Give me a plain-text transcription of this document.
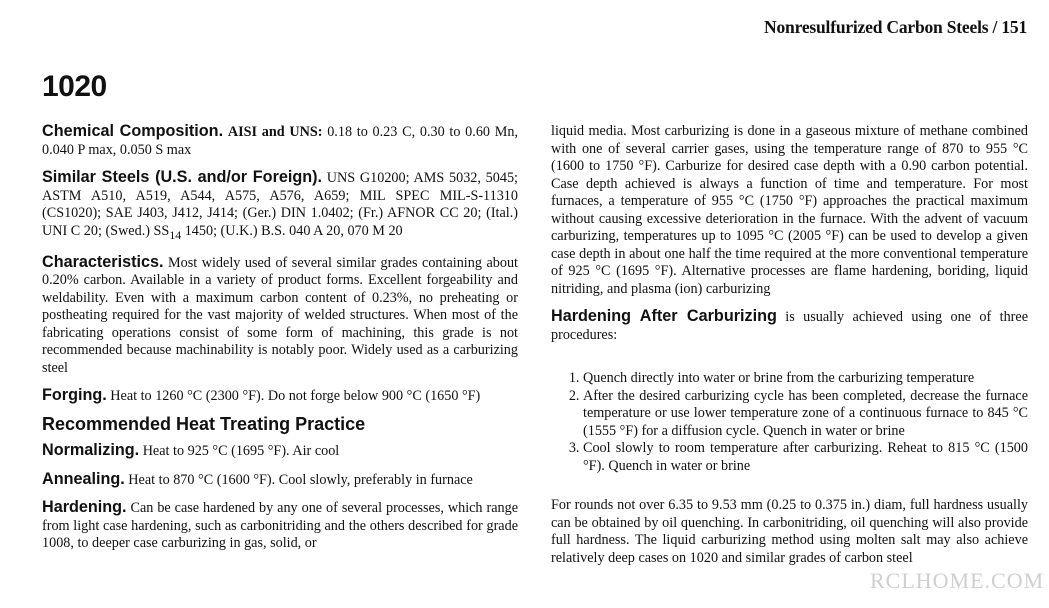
Nonresulfurized Carbon Steels / 151
1020

Chemical Composition. AISI and UNS: 0.18 to 0.23 C, 0.30 to 0.60 Mn, 0.040 P max, 0.050 S max

Similar Steels (U.S. and/or Foreign). UNS G10200; AMS 5032, 5045; ASTM A510, A519, A544, A575, A576, A659; MIL SPEC MIL-S-11310 (CS1020); SAE J403, J412, J414; (Ger.) DIN 1.0402; (Fr.) AFNOR CC 20; (Ital.) UNI C 20; (Swed.) $SS_{14}$ 1450; (U.K.) B.S. 040 A 20, 070 M 20

Characteristics. Most widely used of several similar grades containing about 0.20% carbon. Available in a variety of product forms. Excellent forgeability and weldability. Even with a maximum carbon content of 0.23%, no preheating or postheating required for the vast majority of welded structures. When most of the fabricating operations consist of some form of machining, this grade is not recommended because machinability is notably poor. Widely used as a carburizing steel

Forging. Heat to 1260 °C (2300 °F). Do not forge below 900 °C (1650 °F)

Recommended Heat Treating Practice

Normalizing. Heat to 925 °C (1695 °F). Air cool

Annealing. Heat to 870 °C (1600 °F). Cool slowly, preferably in furnace

Hardening. Can be case hardened by any one of several processes, which range from light case hardening, such as carbonitriding and the others described for grade 1008, to deeper case carburizing in gas, solid, or

liquid media. Most carburizing is done in a gaseous mixture of methane combined with one of several carrier gases, using the temperature range of 870 to 955 °C (1600 to 1750 °F). Carburize for desired case depth with a 0.90 carbon potential. Case depth achieved is always a function of time and temperature. For most furnaces, a temperature of 955 °C (1750 °F) approaches the practical maximum without causing excessive deterioration in the furnace. With the advent of vacuum carburizing, temperatures up to 1095 °C (2005 °F) can be used to develop a given case depth in about one half the time required at the more conventional temperature of 925 °C (1695 °F). Alternative processes are flame hardening, boriding, liquid nitriding, and plasma (ion) carburizing

Hardening After Carburizing is usually achieved using one of three procedures:

1. Quench directly into water or brine from the carburizing temperature
2. After the desired carburizing cycle has been completed, decrease the furnace temperature or use lower temperature zone of a continuous furnace to 845 °C (1555 °F) for a diffusion cycle. Quench in water or brine
3. Cool slowly to room temperature after carburizing. Reheat to 815 °C (1500 °F). Quench in water or brine

For rounds not over 6.35 to 9.53 mm (0.25 to 0.375 in.) diam, full hardness usually can be obtained by oil quenching. In carbonitriding, oil quenching will also provide full hardness. The liquid carburizing method using molten salt may also achieve relatively deep cases on 1020 and similar grades of carbon steel

RCLHOME.COM
